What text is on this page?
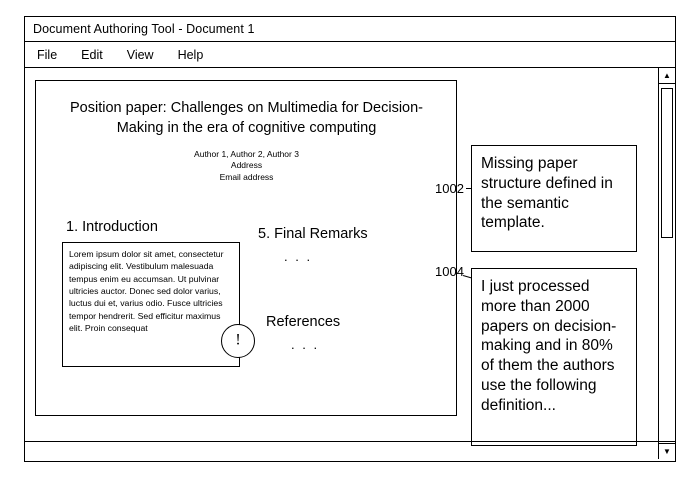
Document Authoring Tool - Document 1
File Edit View Help
Position paper: Challenges on Multimedia for Decision-Making in the era of cognitive computing
Author 1, Author 2, Author 3
Address
Email address
1. Introduction	5. Final Remarks
References
. . .
. . .
Lorem ipsum dolor sit amet, consectetur adipiscing elit. Vestibulum malesuada tempus enim eu accumsan. Ut pulvinar ultricies auctor. Donec sed dolor varius, luctus dui et, varius odio. Fusce ultricies tempor hendrerit. Sed efficitur maximus elit. Proin consequat
!
1002
Missing paper structure defined in the semantic template.
1004
I just processed more than 2000 papers on decision-making and in 80% of them the authors use the following definition...
▲
▼
